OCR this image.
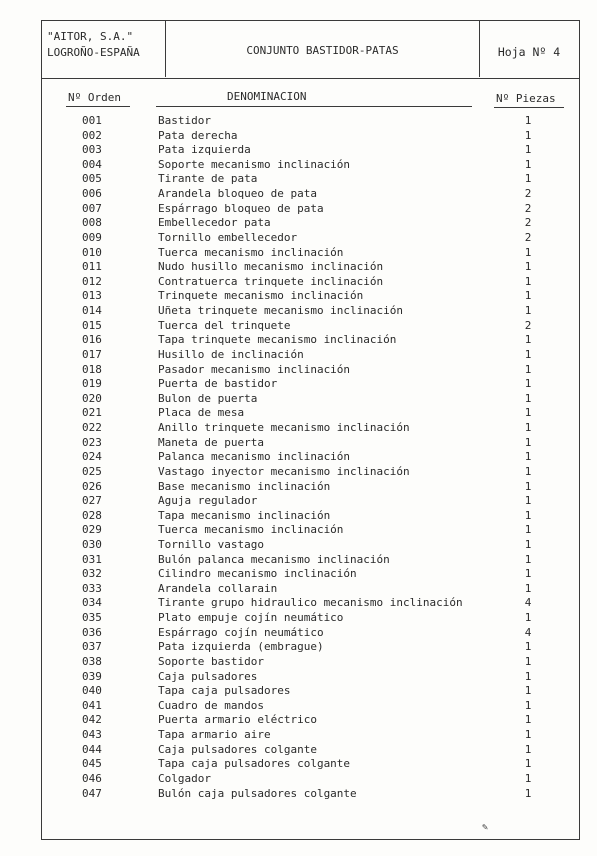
"AITOR, S.A."
LOGROÑO-ESPAÑA	CONJUNTO BASTIDOR-PATAS	Hoja Nº 4
Nº Orden	DENOMINACION	Nº Piezas
001	Bastidor	1
002	Pata derecha	1
003	Pata izquierda	1
004	Soporte mecanismo inclinación	1
005	Tirante de pata	1
006	Arandela bloqueo de pata	2
007	Espárrago bloqueo de pata	2
008	Embellecedor pata	2
009	Tornillo embellecedor	2
010	Tuerca mecanismo inclinación	1
011	Nudo husillo mecanismo inclinación	1
012	Contratuerca trinquete inclinación	1
013	Trinquete mecanismo inclinación	1
014	Uñeta trinquete mecanismo inclinación	1
015	Tuerca del trinquete	2
016	Tapa trinquete mecanismo inclinación	1
017	Husillo de inclinación	1
018	Pasador mecanismo inclinación	1
019	Puerta de bastidor	1
020	Bulon de puerta	1
021	Placa de mesa	1
022	Anillo trinquete mecanismo inclinación	1
023	Maneta de puerta	1
024	Palanca mecanismo inclinación	1
025	Vastago inyector mecanismo inclinación	1
026	Base mecanismo inclinación	1
027	Aguja regulador	1
028	Tapa mecanismo inclinación	1
029	Tuerca mecanismo inclinación	1
030	Tornillo vastago	1
031	Bulón palanca mecanismo inclinación	1
032	Cilindro mecanismo inclinación	1
033	Arandela collarain	1
034	Tirante grupo hidraulico mecanismo inclinación	4
035	Plato empuje cojín neumático	1
036	Espárrago cojín neumático	4
037	Pata izquierda (embrague)	1
038	Soporte bastidor	1
039	Caja pulsadores	1
040	Tapa caja pulsadores	1
041	Cuadro de mandos	1
042	Puerta armario eléctrico	1
043	Tapa armario aire	1
044	Caja pulsadores colgante	1
045	Tapa caja pulsadores colgante	1
046	Colgador	1
047	Bulón caja pulsadores colgante	1
✎
